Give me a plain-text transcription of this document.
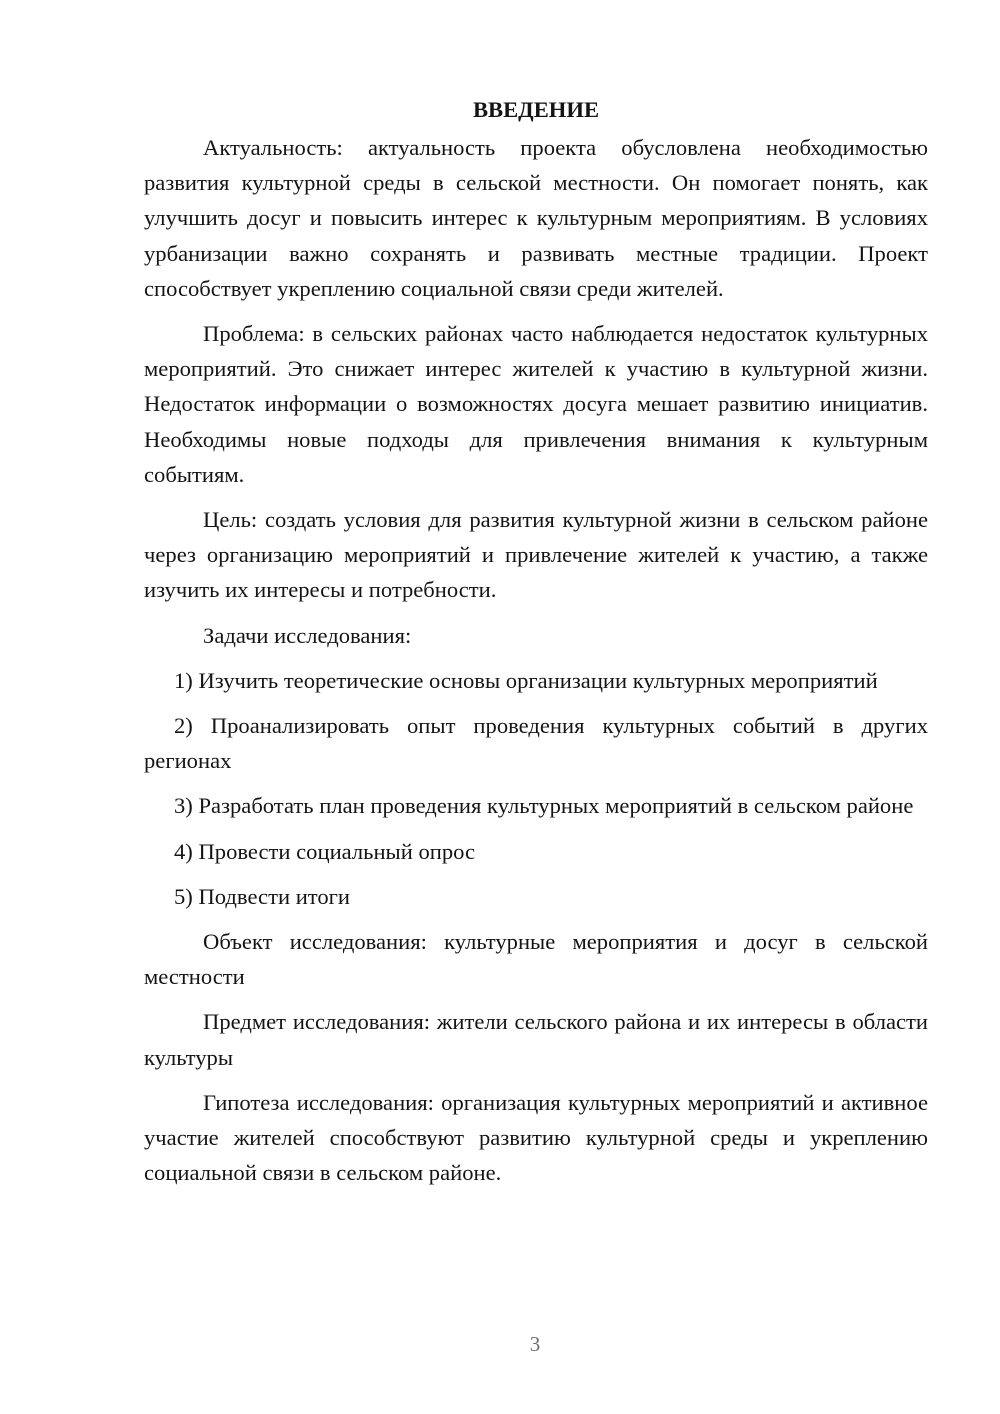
ВВЕДЕНИЕ

Актуальность: актуальность проекта обусловлена необходимостью развития культурной среды в сельской местности. Он помогает понять, как улучшить досуг и повысить интерес к культурным мероприятиям. В условиях урбанизации важно сохранять и развивать местные традиции. Проект способствует укреплению социальной связи среди жителей.

Проблема: в сельских районах часто наблюдается недостаток культурных мероприятий. Это снижает интерес жителей к участию в культурной жизни. Недостаток информации о возможностях досуга мешает развитию инициатив. Необходимы новые подходы для привлечения внимания к культурным событиям.

Цель: создать условия для развития культурной жизни в сельском районе через организацию мероприятий и привлечение жителей к участию, а также изучить их интересы и потребности.

Задачи исследования:

1) Изучить теоретические основы организации культурных мероприятий

2) Проанализировать опыт проведения культурных событий в других регионах

3) Разработать план проведения культурных мероприятий в сельском районе

4) Провести социальный опрос

5) Подвести итоги

Объект исследования: культурные мероприятия и досуг в сельской местности

Предмет исследования: жители сельского района и их интересы в области культуры

Гипотеза исследования: организация культурных мероприятий и активное участие жителей способствуют развитию культурной среды и укреплению социальной связи в сельском районе.

3
